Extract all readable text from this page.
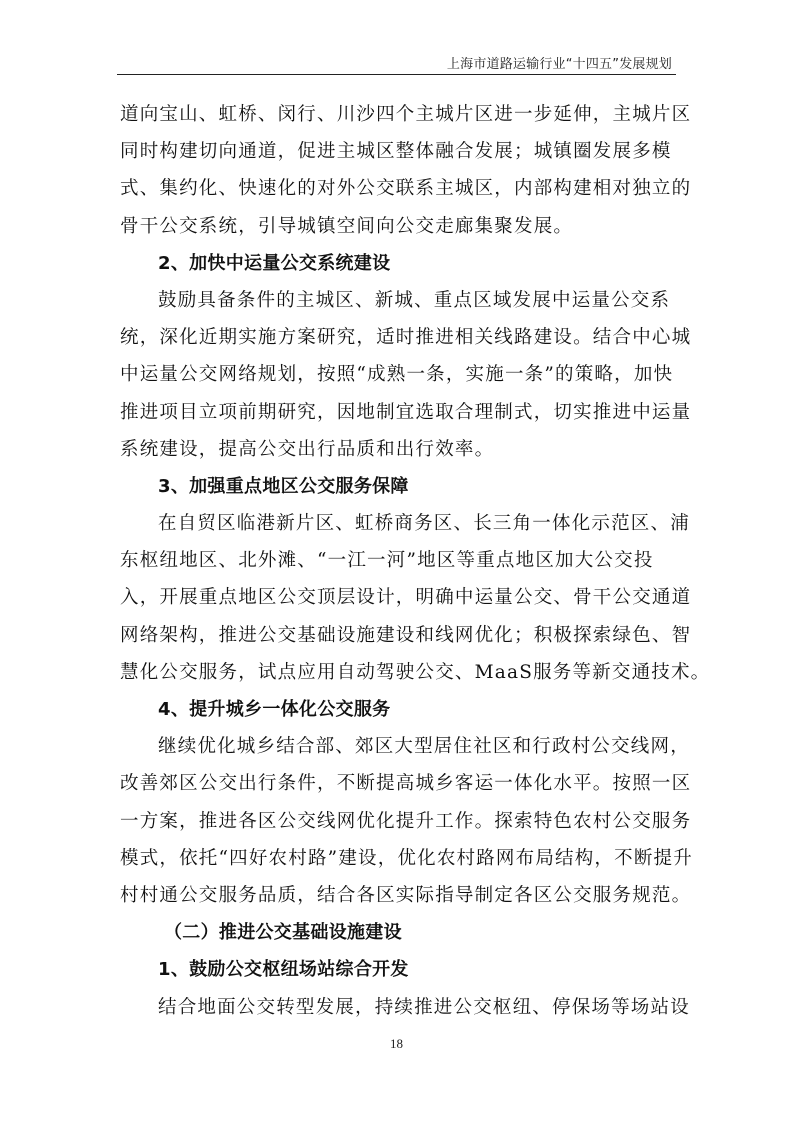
上海市道路运输行业“十四五”发展规划
道向宝山、虹桥、闵行、川沙四个主城片区进一步延伸，主城片区
同时构建切向通道，促进主城区整体融合发展；城镇圈发展多模
式、集约化、快速化的对外公交联系主城区，内部构建相对独立的
骨干公交系统，引导城镇空间向公交走廊集聚发展。
2、加快中运量公交系统建设
鼓励具备条件的主城区、新城、重点区域发展中运量公交系
统，深化近期实施方案研究，适时推进相关线路建设。结合中心城
中运量公交网络规划，按照“成熟一条，实施一条”的策略，加快
推进项目立项前期研究，因地制宜选取合理制式，切实推进中运量
系统建设，提高公交出行品质和出行效率。
3、加强重点地区公交服务保障
在自贸区临港新片区、虹桥商务区、长三角一体化示范区、浦
东枢纽地区、北外滩、“一江一河”地区等重点地区加大公交投
入，开展重点地区公交顶层设计，明确中运量公交、骨干公交通道
网络架构，推进公交基础设施建设和线网优化；积极探索绿色、智
慧化公交服务，试点应用自动驾驶公交、MaaS服务等新交通技术。
4、提升城乡一体化公交服务
继续优化城乡结合部、郊区大型居住社区和行政村公交线网，
改善郊区公交出行条件，不断提高城乡客运一体化水平。按照一区
一方案，推进各区公交线网优化提升工作。探索特色农村公交服务
模式，依托“四好农村路”建设，优化农村路网布局结构，不断提升
村村通公交服务品质，结合各区实际指导制定各区公交服务规范。
（二）推进公交基础设施建设
1、鼓励公交枢纽场站综合开发
结合地面公交转型发展，持续推进公交枢纽、停保场等场站设
18
